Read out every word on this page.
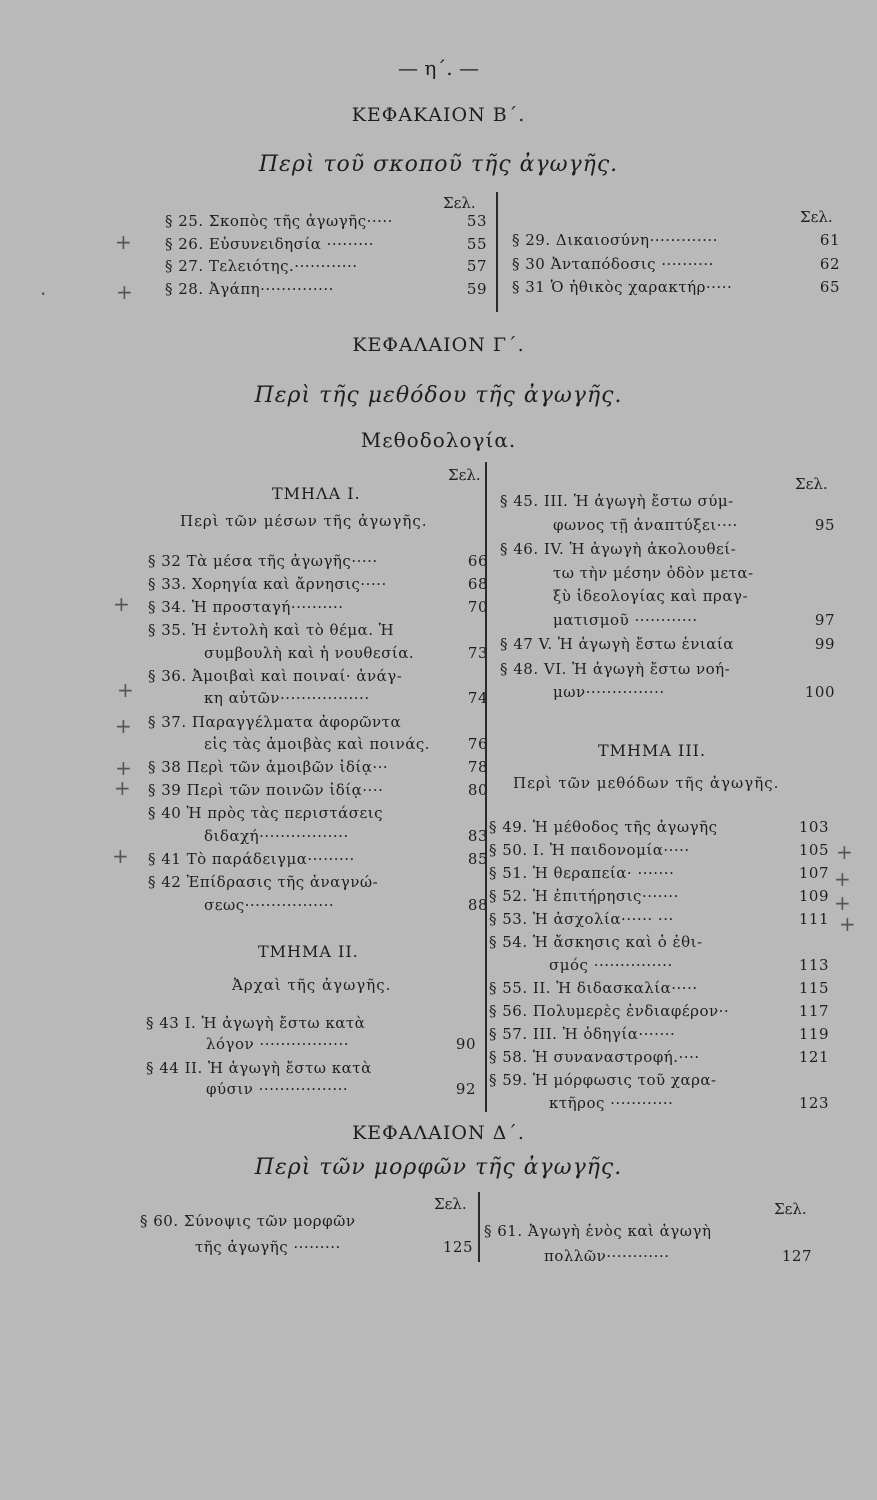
— η΄. —
ΚΕΦΑΚΑΙΟΝ Β΄.
Περὶ τοῦ σκοποῦ τῆς ἀγωγῆς.
Σελ.
Σελ.
§ 25. Σκοπὸς τῆς ἀγωγῆς·····	53
§ 26. Εὐσυνειδησία ·········	55
§ 27. Τελειότης.············	57
§ 28. Ἀγάπη··············	59
§ 29. Δικαιοσύνη·············	61
§ 30 Ἀνταπόδοσις ··········	62
§ 31 Ὁ ἠθικὸς χαρακτήρ·····	65
ΚΕΦΑΛΑΙΟΝ Γ΄.
Περὶ τῆς μεθόδου τῆς ἀγωγῆς.
Μεθοδολογία.
Σελ.	Σελ.
ΤΜΗΛΑ Ι.
Περὶ τῶν μέσων τῆς ἀγωγῆς.
§ 32 Τὰ μέσα τῆς ἀγωγῆς·····	66
§ 33. Χορηγία καὶ ἄρνησις·····	68
§ 34. Ἡ προσταγή··········	70
§ 35. Ἡ ἐντολὴ καὶ τὸ θέμα. Ἡ
συμβουλὴ καὶ ἡ νουθεσία.	73
§ 36. Ἀμοιβαὶ καὶ ποιναί· ἀνάγ-
κη αὐτῶν·················	74
§ 37. Παραγγέλματα ἀφορῶντα
εἰς τὰς ἀμοιβὰς καὶ ποινάς.	76
§ 38 Περὶ τῶν ἀμοιβῶν ἰδίᾳ···	78
§ 39 Περὶ τῶν ποινῶν ἰδίᾳ····	80
§ 40 Ἡ πρὸς τὰς περιστάσεις
διδαχή·················	83
§ 41 Τὸ παράδειγμα·········	85
§ 42 Ἐπίδρασις τῆς ἀναγνώ-
σεως·················	88
ΤΜΗΜΑ ΙΙ.
Ἀρχαὶ τῆς ἀγωγῆς.
§ 43 Ι. Ἡ ἀγωγὴ ἔστω κατὰ
λόγον ·················	90
§ 44 ΙΙ. Ἡ ἀγωγὴ ἔστω κατὰ
φύσιν ·················	92
§ 45. ΙΙΙ. Ἡ ἀγωγὴ ἔστω σύμ-
φωνος τῇ ἀναπτύξει····	95
§ 46. ΙV. Ἡ ἀγωγὴ ἀκολουθεί-
τω τὴν μέσην ὁδὸν μετα-
ξὺ ἰδεολογίας καὶ πραγ-
ματισμοῦ ············	97
§ 47 V. Ἡ ἀγωγὴ ἔστω ἑνιαία	99
§ 48. VΙ. Ἡ ἀγωγὴ ἔστω νοή-
μων···············	100
ΤΜΗΜΑ ΙΙΙ.
Περὶ τῶν μεθόδων τῆς ἀγωγῆς.
§ 49. Ἡ μέθοδος τῆς ἀγωγῆς	103
§ 50. Ι. Ἡ παιδονομία·····	105
§ 51. Ἡ θεραπεία· ·······	107
§ 52. Ἡ ἐπιτήρησις·······	109
§ 53. Ἡ ἀσχολία······ ···	111
§ 54. Ἡ ἄσκησις καὶ ὁ ἐθι-
σμός ···············	113
§ 55. ΙΙ. Ἡ διδασκαλία·····	115
§ 56. Πολυμερὲς ἐνδιαφέρον··	117
§ 57. ΙΙΙ. Ἡ ὁδηγία·······	119
§ 58. Ἡ συναναστροφή.····	121
§ 59. Ἡ μόρφωσις τοῦ χαρα-
κτῆρος ············	123
ΚΕΦΑΛΑΙΟΝ Δ΄.
Περὶ τῶν μορφῶν τῆς ἀγωγῆς.
Σελ.	Σελ.
§ 60. Σύνοψις τῶν μορφῶν
τῆς ἀγωγῆς ·········	125
§ 61. Ἀγωγὴ ἑνὸς καὶ ἀγωγὴ
πολλῶν············	127
+
·	+
+
+
+
+
+
+	+
+
+
+
